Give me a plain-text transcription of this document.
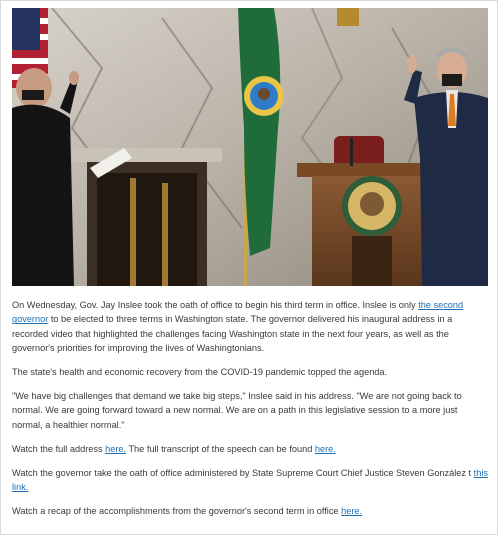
On Wednesday, Gov. Jay Inslee took the oath of office to begin his third term in office. Inslee is only the second governor to be elected to three terms in Washington state. The governor delivered his inaugural address in a recorded video that highlighted the challenges facing Washington state in the next four years, as well as the governor's priorities for improving the lives of Washingtonians.

The state's health and economic recovery from the COVID-19 pandemic topped the agenda.

"We have big challenges that demand we take big steps," Inslee said in his address. "We are not going back to normal. We are going forward toward a new normal. We are on a path in this legislative session to a more just normal, a healthier normal."

Watch the full address here. The full transcript of the speech can be found here.

Watch the governor take the oath of office administered by State Supreme Court Chief Justice Steven González t this link.

Watch a recap of the accomplishments from the governor's second term in office here.
